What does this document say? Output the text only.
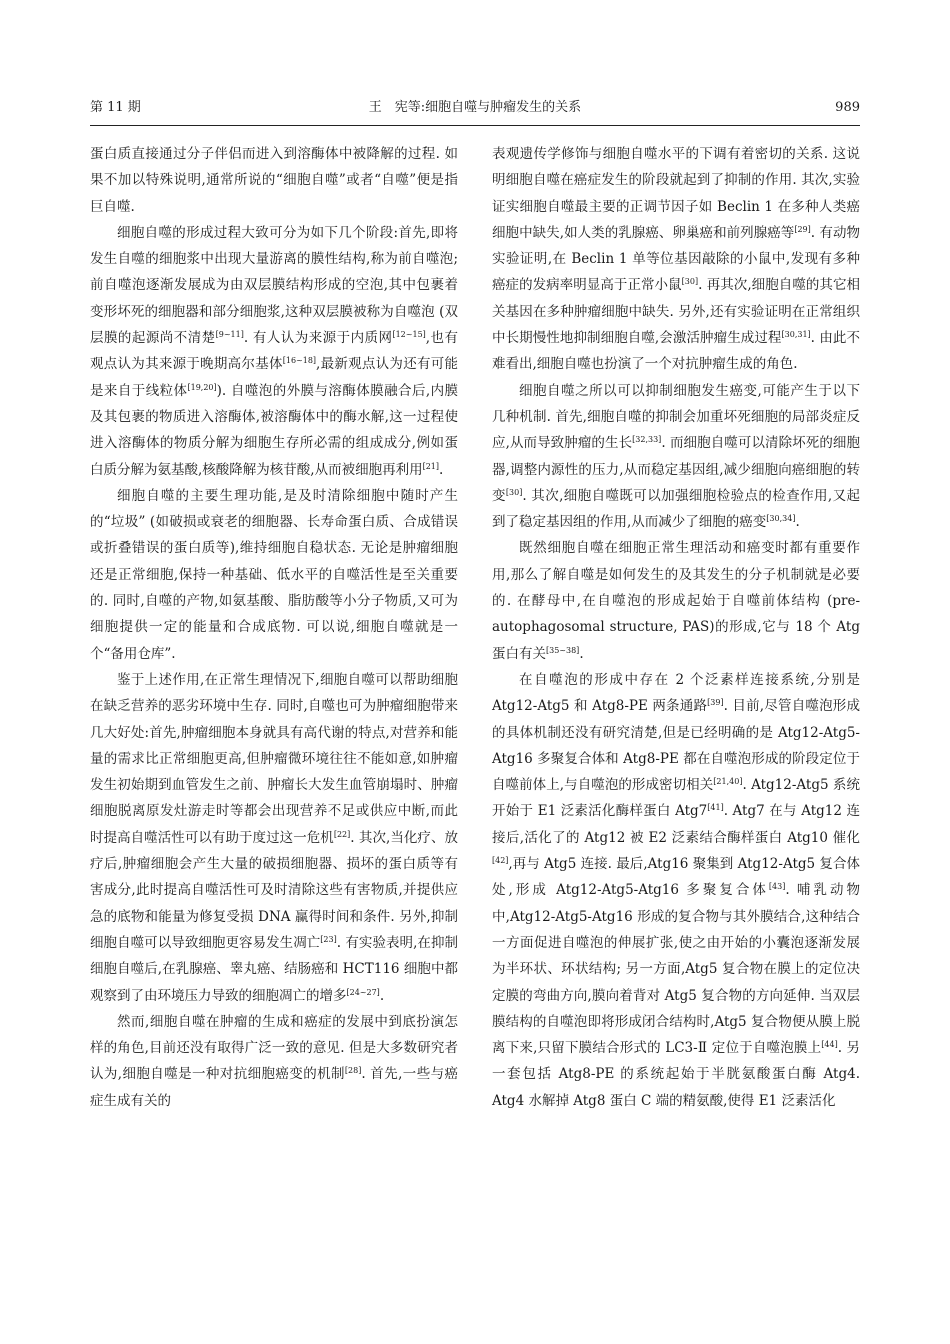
第 11 期	王　宪等:细胞自噬与肿瘤发生的关系	989

蛋白质直接通过分子伴侣而进入到溶酶体中被降解的过程. 如果不加以特殊说明,通常所说的“细胞自噬”或者“自噬”便是指巨自噬.

细胞自噬的形成过程大致可分为如下几个阶段:首先,即将发生自噬的细胞浆中出现大量游离的膜性结构,称为前自噬泡;前自噬泡逐渐发展成为由双层膜结构形成的空泡,其中包裹着变形坏死的细胞器和部分细胞浆,这种双层膜被称为自噬泡 (双层膜的起源尚不清楚[9~11]. 有人认为来源于内质网[12~15],也有观点认为其来源于晚期高尔基体[16~18],最新观点认为还有可能是来自于线粒体[19,20]). 自噬泡的外膜与溶酶体膜融合后,内膜及其包裹的物质进入溶酶体,被溶酶体中的酶水解,这一过程使进入溶酶体的物质分解为细胞生存所必需的组成成分,例如蛋白质分解为氨基酸,核酸降解为核苷酸,从而被细胞再利用[21].

细胞自噬的主要生理功能,是及时清除细胞中随时产生的“垃圾” (如破损或衰老的细胞器、长寿命蛋白质、合成错误或折叠错误的蛋白质等),维持细胞自稳状态. 无论是肿瘤细胞还是正常细胞,保持一种基础、低水平的自噬活性是至关重要的. 同时,自噬的产物,如氨基酸、脂肪酸等小分子物质,又可为细胞提供一定的能量和合成底物. 可以说,细胞自噬就是一个“备用仓库”.

鉴于上述作用,在正常生理情况下,细胞自噬可以帮助细胞在缺乏营养的恶劣环境中生存. 同时,自噬也可为肿瘤细胞带来几大好处:首先,肿瘤细胞本身就具有高代谢的特点,对营养和能量的需求比正常细胞更高,但肿瘤微环境往往不能如意,如肿瘤发生初始期到血管发生之前、肿瘤长大发生血管崩塌时、肿瘤细胞脱离原发灶游走时等都会出现营养不足或供应中断,而此时提高自噬活性可以有助于度过这一危机[22]. 其次,当化疗、放疗后,肿瘤细胞会产生大量的破损细胞器、损坏的蛋白质等有害成分,此时提高自噬活性可及时清除这些有害物质,并提供应急的底物和能量为修复受损 DNA 赢得时间和条件. 另外,抑制细胞自噬可以导致细胞更容易发生凋亡[23]. 有实验表明,在抑制细胞自噬后,在乳腺癌、睾丸癌、结肠癌和 HCT116 细胞中都观察到了由环境压力导致的细胞凋亡的增多[24~27].

然而,细胞自噬在肿瘤的生成和癌症的发展中到底扮演怎样的角色,目前还没有取得广泛一致的意见. 但是大多数研究者认为,细胞自噬是一种对抗细胞癌变的机制[28]. 首先,一些与癌症生成有关的

表观遗传学修饰与细胞自噬水平的下调有着密切的关系. 这说明细胞自噬在癌症发生的阶段就起到了抑制的作用. 其次,实验证实细胞自噬最主要的正调节因子如 Beclin 1 在多种人类癌细胞中缺失,如人类的乳腺癌、卵巢癌和前列腺癌等[29]. 有动物实验证明,在 Beclin 1 单等位基因敲除的小鼠中,发现有多种癌症的发病率明显高于正常小鼠[30]. 再其次,细胞自噬的其它相关基因在多种肿瘤细胞中缺失. 另外,还有实验证明在正常组织中长期慢性地抑制细胞自噬,会激活肿瘤生成过程[30,31]. 由此不难看出,细胞自噬也扮演了一个对抗肿瘤生成的角色.

细胞自噬之所以可以抑制细胞发生癌变,可能产生于以下几种机制. 首先,细胞自噬的抑制会加重坏死细胞的局部炎症反应,从而导致肿瘤的生长[32,33]. 而细胞自噬可以清除坏死的细胞器,调整内源性的压力,从而稳定基因组,减少细胞向癌细胞的转变[30]. 其次,细胞自噬既可以加强细胞检验点的检查作用,又起到了稳定基因组的作用,从而减少了细胞的癌变[30,34].

既然细胞自噬在细胞正常生理活动和癌变时都有重要作用,那么了解自噬是如何发生的及其发生的分子机制就是必要的. 在酵母中,在自噬泡的形成起始于自噬前体结构 (pre-autophagosomal structure, PAS)的形成,它与 18 个 Atg 蛋白有关[35~38].

在自噬泡的形成中存在 2 个泛素样连接系统,分别是 Atg12-Atg5 和 Atg8-PE 两条通路[39]. 目前,尽管自噬泡形成的具体机制还没有研究清楚,但是已经明确的是 Atg12-Atg5-Atg16 多聚复合体和 Atg8-PE 都在自噬泡形成的阶段定位于自噬前体上,与自噬泡的形成密切相关[21,40]. Atg12-Atg5 系统开始于 E1 泛素活化酶样蛋白 Atg7[41]. Atg7 在与 Atg12 连接后,活化了的 Atg12 被 E2 泛素结合酶样蛋白 Atg10 催化[42],再与 Atg5 连接. 最后,Atg16 聚集到 Atg12-Atg5 复合体处,形成 Atg12-Atg5-Atg16 多聚复合体[43]. 哺乳动物中,Atg12-Atg5-Atg16 形成的复合物与其外膜结合,这种结合一方面促进自噬泡的伸展扩张,使之由开始的小囊泡逐渐发展为半环状、环状结构; 另一方面,Atg5 复合物在膜上的定位决定膜的弯曲方向,膜向着背对 Atg5 复合物的方向延伸. 当双层膜结构的自噬泡即将形成闭合结构时,Atg5 复合物便从膜上脱离下来,只留下膜结合形式的 LC3-Ⅱ 定位于自噬泡膜上[44]. 另一套包括 Atg8-PE 的系统起始于半胱氨酸蛋白酶 Atg4. Atg4 水解掉 Atg8 蛋白 C 端的精氨酸,使得 E1 泛素活化
